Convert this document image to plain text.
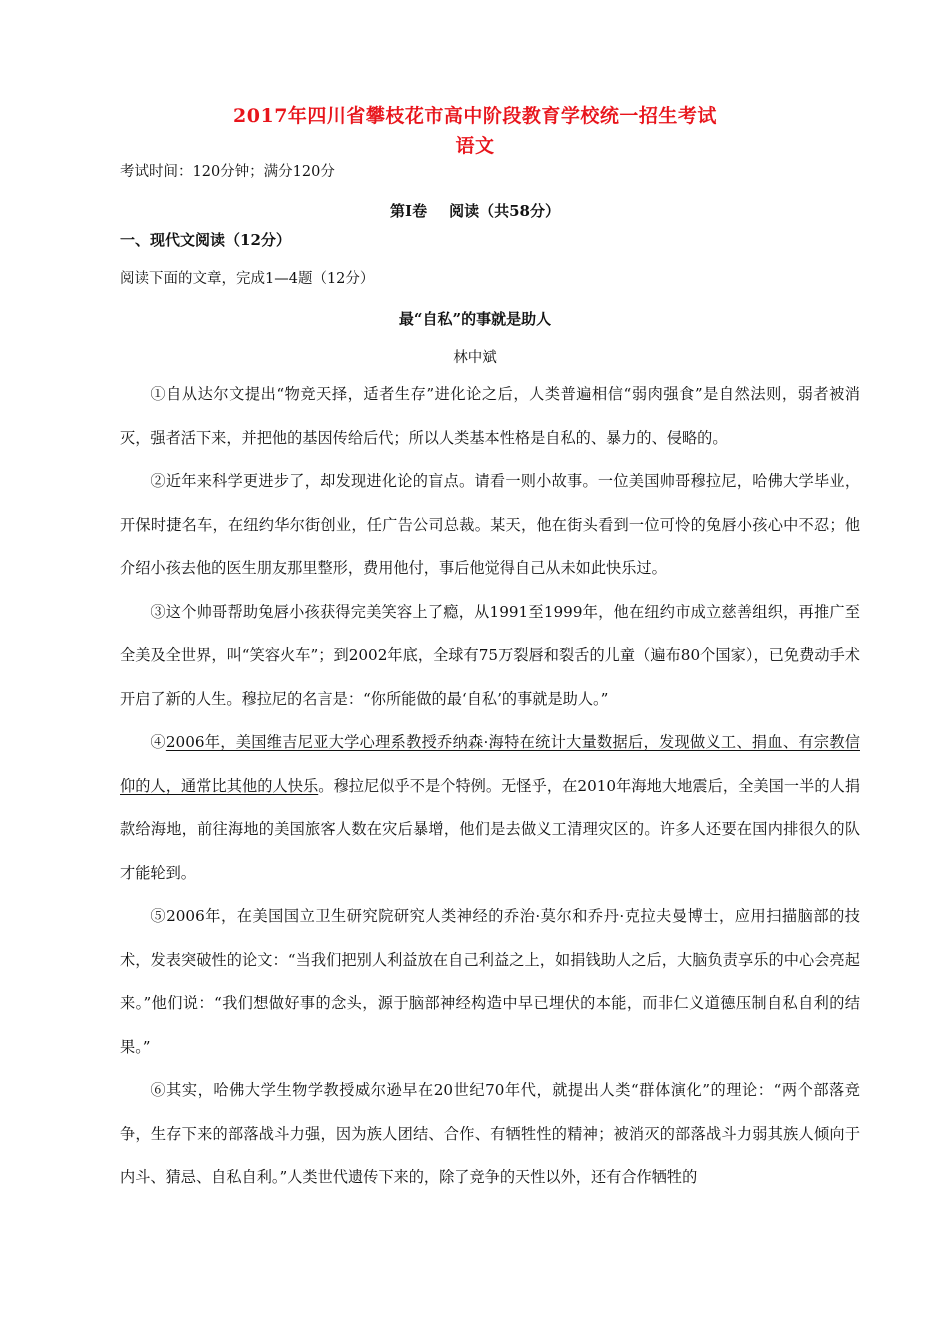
2017年四川省攀枝花市高中阶段教育学校统一招生考试
语文
考试时间：120分钟；满分120分
第Ⅰ卷 阅读（共58分）
一、现代文阅读（12分）
阅读下面的文章，完成1—4题（12分）
最“自私”的事就是助人
林中斌

①自从达尔文提出“物竞天择，适者生存”进化论之后，人类普遍相信“弱肉强食”是自然法则，弱者被消灭，强者活下来，并把他的基因传给后代；所以人类基本性格是自私的、暴力的、侵略的。

②近年来科学更进步了，却发现进化论的盲点。请看一则小故事。一位美国帅哥穆拉尼，哈佛大学毕业，开保时捷名车，在纽约华尔街创业，任广告公司总裁。某天，他在街头看到一位可怜的兔唇小孩心中不忍；他介绍小孩去他的医生朋友那里整形，费用他付，事后他觉得自己从未如此快乐过。

③这个帅哥帮助兔唇小孩获得完美笑容上了瘾，从1991至1999年，他在纽约市成立慈善组织，再推广至全美及全世界，叫“笑容火车”；到2002年底，全球有75万裂唇和裂舌的儿童（遍布80个国家），已免费动手术开启了新的人生。穆拉尼的名言是：“你所能做的最‘自私’的事就是助人。”

④2006年，美国维吉尼亚大学心理系教授乔纳森·海特在统计大量数据后，发现做义工、捐血、有宗教信仰的人，通常比其他的人快乐。穆拉尼似乎不是个特例。无怪乎，在2010年海地大地震后，全美国一半的人捐款给海地，前往海地的美国旅客人数在灾后暴增，他们是去做义工清理灾区的。许多人还要在国内排很久的队才能轮到。

⑤2006年，在美国国立卫生研究院研究人类神经的乔治·莫尔和乔丹·克拉夫曼博士，应用扫描脑部的技术，发表突破性的论文：“当我们把别人利益放在自己利益之上，如捐钱助人之后，大脑负责享乐的中心会亮起来。”他们说：“我们想做好事的念头，源于脑部神经构造中早已埋伏的本能，而非仁义道德压制自私自利的结果。”

⑥其实，哈佛大学生物学教授威尔逊早在20世纪70年代，就提出人类“群体演化”的理论：“两个部落竞争，生存下来的部落战斗力强，因为族人团结、合作、有牺牲性的精神；被消灭的部落战斗力弱其族人倾向于内斗、猜忌、自私自利。”人类世代遗传下来的，除了竞争的天性以外，还有合作牺牲的
